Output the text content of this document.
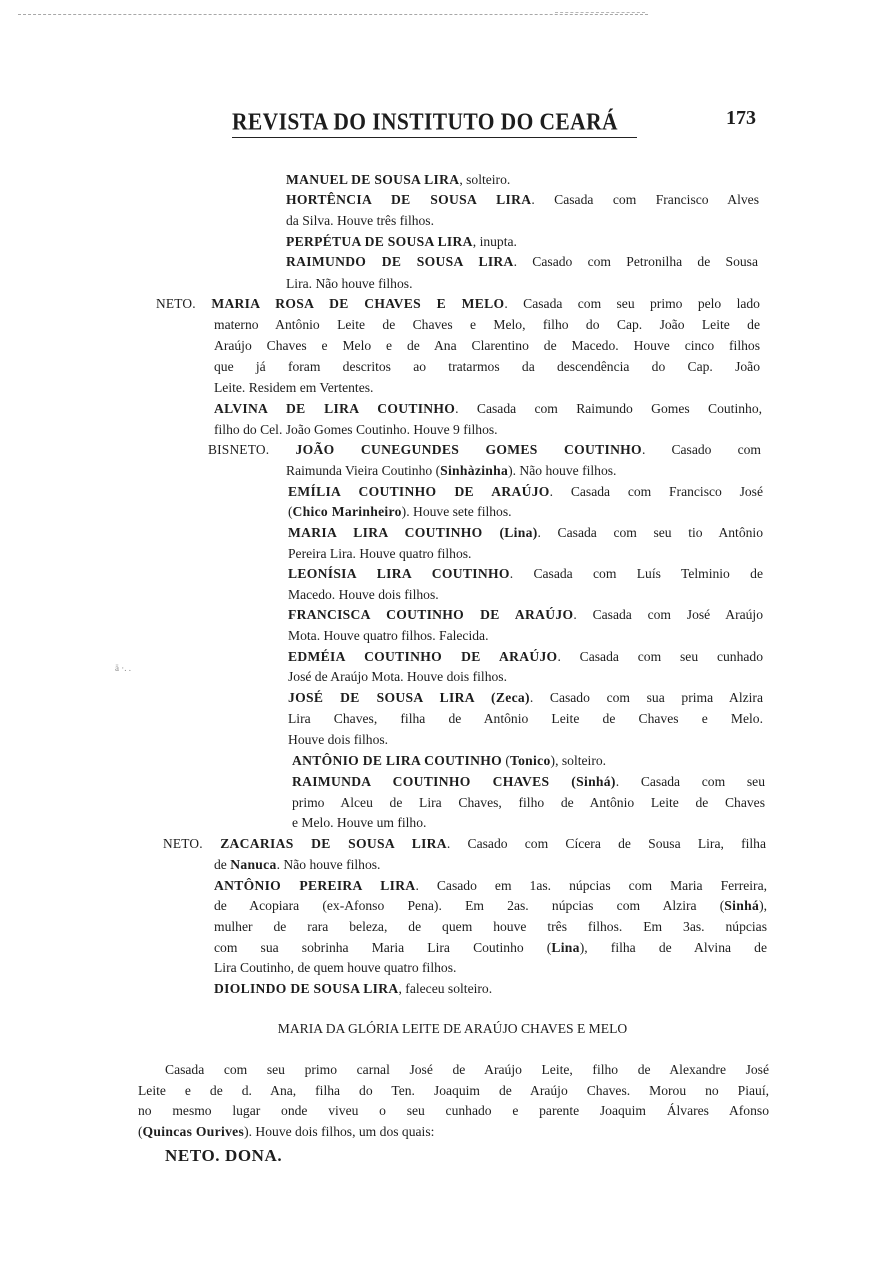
REVISTA DO INSTITUTO DO CEARÁ	173
ä ·. .
MANUEL DE SOUSA LIRA, solteiro.
HORTÊNCIA DE SOUSA LIRA. Casada com Francisco Alves
da Silva. Houve três filhos.
PERPÉTUA DE SOUSA LIRA, inupta.
RAIMUNDO DE SOUSA LIRA. Casado com Petronilha de Sousa
Lira. Não houve filhos.
NETO. MARIA ROSA DE CHAVES E MELO. Casada com seu primo pelo lado
materno Antônio Leite de Chaves e Melo, filho do Cap. João Leite de
Araújo Chaves e Melo e de Ana Clarentino de Macedo. Houve cinco filhos
que já foram descritos ao tratarmos da descendência do Cap. João
Leite. Residem em Vertentes.
ALVINA DE LIRA COUTINHO. Casada com Raimundo Gomes Coutinho,
filho do Cel. João Gomes Coutinho. Houve 9 filhos.
BISNETO. JOÃO CUNEGUNDES GOMES COUTINHO. Casado com
Raimunda Vieira Coutinho (Sinhàzinha). Não houve filhos.
EMÍLIA COUTINHO DE ARAÚJO. Casada com Francisco José
(Chico Marinheiro). Houve sete filhos.
MARIA LIRA COUTINHO (Lina). Casada com seu tio Antônio
Pereira Lira. Houve quatro filhos.
LEONÍSIA LIRA COUTINHO. Casada com Luís Telminio de
Macedo. Houve dois filhos.
FRANCISCA COUTINHO DE ARAÚJO. Casada com José Araújo
Mota. Houve quatro filhos. Falecida.
EDMÉIA COUTINHO DE ARAÚJO. Casada com seu cunhado
José de Araújo Mota. Houve dois filhos.
JOSÉ DE SOUSA LIRA (Zeca). Casado com sua prima Alzira
Lira Chaves, filha de Antônio Leite de Chaves e Melo.
Houve dois filhos.
ANTÔNIO DE LIRA COUTINHO (Tonico), solteiro.
RAIMUNDA COUTINHO CHAVES (Sinhá). Casada com seu
primo Alceu de Lira Chaves, filho de Antônio Leite de Chaves
e Melo. Houve um filho.
NETO. ZACARIAS DE SOUSA LIRA. Casado com Cícera de Sousa Lira, filha
de Nanuca. Não houve filhos.
ANTÔNIO PEREIRA LIRA. Casado em 1as. núpcias com Maria Ferreira,
de Acopiara (ex-Afonso Pena). Em 2as. núpcias com Alzira (Sinhá),
mulher de rara beleza, de quem houve três filhos. Em 3as. núpcias
com sua sobrinha Maria Lira Coutinho (Lina), filha de Alvina de
Lira Coutinho, de quem houve quatro filhos.
DIOLINDO DE SOUSA LIRA, faleceu solteiro.
MARIA DA GLÓRIA LEITE DE ARAÚJO CHAVES E MELO
Casada com seu primo carnal José de Araújo Leite, filho de Alexandre José
Leite e de d. Ana, filha do Ten. Joaquim de Araújo Chaves. Morou no Piauí,
no mesmo lugar onde viveu o seu cunhado e parente Joaquim Álvares Afonso
(Quincas Ourives). Houve dois filhos, um dos quais:
NETO. DONA.
